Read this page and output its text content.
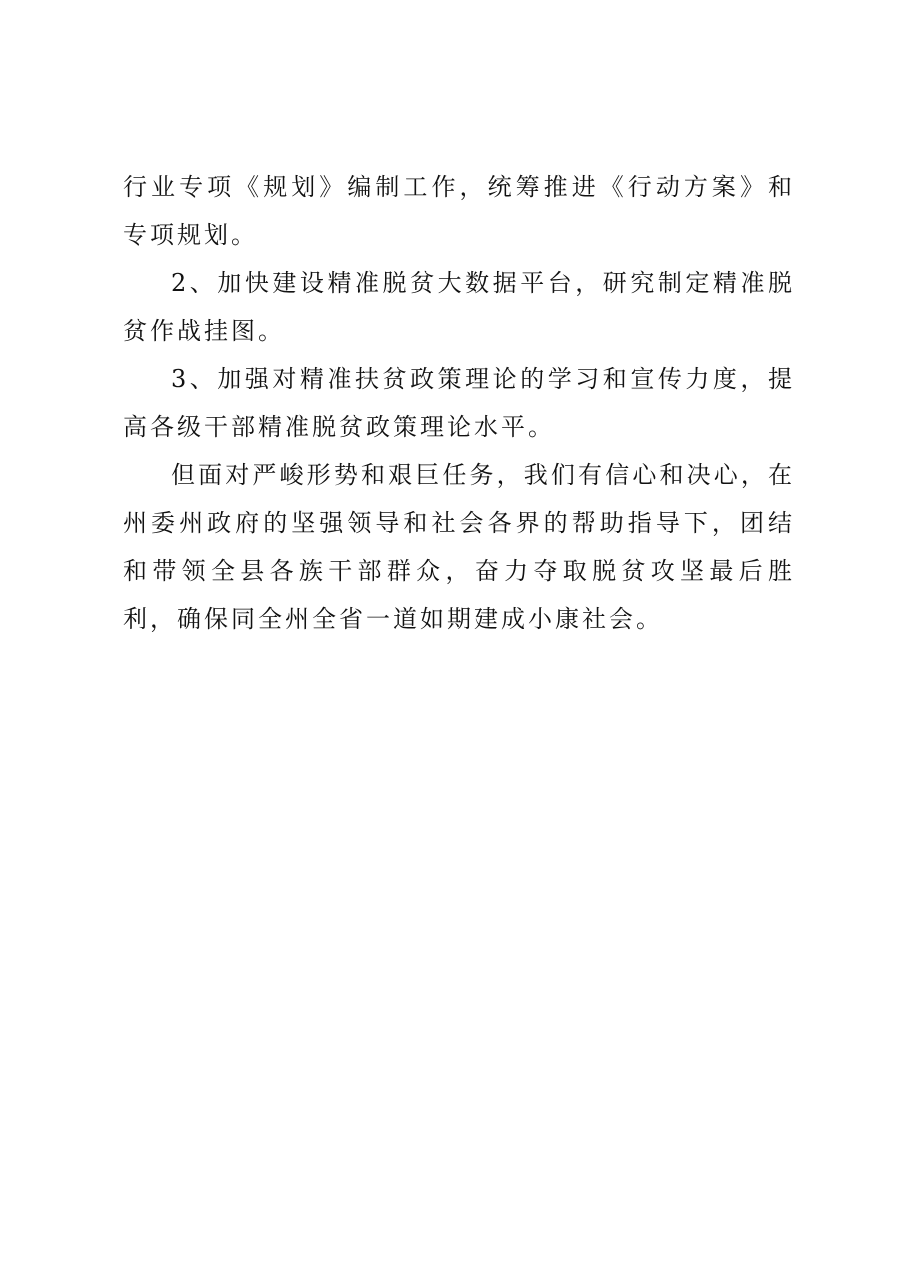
行业专项《规划》编制工作，统筹推进《行动方案》和专项规划。

2、加快建设精准脱贫大数据平台，研究制定精准脱贫作战挂图。

3、加强对精准扶贫政策理论的学习和宣传力度，提高各级干部精准脱贫政策理论水平。

但面对严峻形势和艰巨任务，我们有信心和决心，在州委州政府的坚强领导和社会各界的帮助指导下，团结和带领全县各族干部群众，奋力夺取脱贫攻坚最后胜利，确保同全州全省一道如期建成小康社会。
